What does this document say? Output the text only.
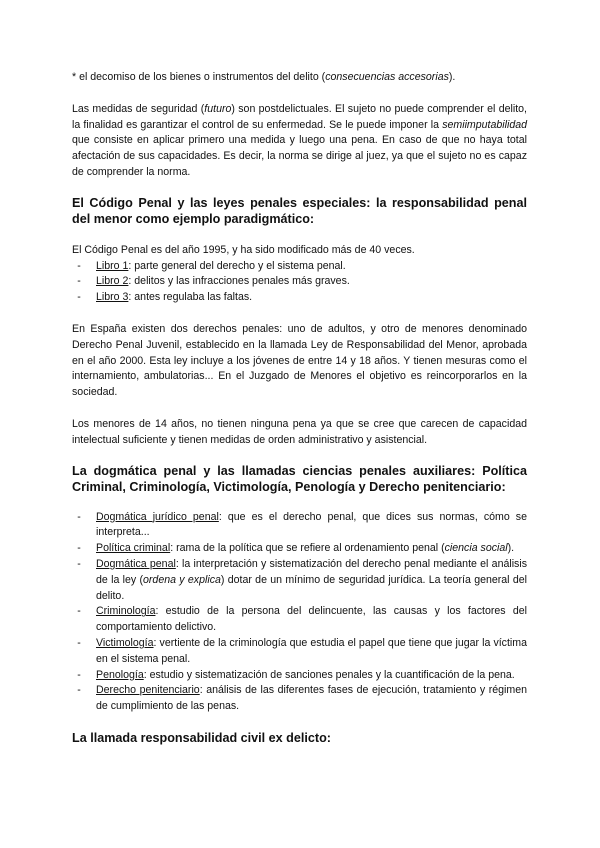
* el decomiso de los bienes o instrumentos del delito (consecuencias accesorias).

Las medidas de seguridad (futuro) son postdelictuales. El sujeto no puede comprender el delito, la finalidad es garantizar el control de su enfermedad. Se le puede imponer la semiimputabilidad que consiste en aplicar primero una medida y luego una pena. En caso de que no haya total afectación de sus capacidades. Es decir, la norma se dirige al juez, ya que el sujeto no es capaz de comprender la norma.

El Código Penal y las leyes penales especiales: la responsabilidad penal del menor como ejemplo paradigmático:

El Código Penal es del año 1995, y ha sido modificado más de 40 veces.

-	Libro 1: parte general del derecho y el sistema penal.
-	Libro 2: delitos y las infracciones penales más graves.
-	Libro 3: antes regulaba las faltas.

En España existen dos derechos penales: uno de adultos, y otro de menores denominado Derecho Penal Juvenil, establecido en la llamada Ley de Responsabilidad del Menor, aprobada en el año 2000. Esta ley incluye a los jóvenes de entre 14 y 18 años. Y tienen mesuras como el internamiento, ambulatorias... En el Juzgado de Menores el objetivo es reincorporarlos en la sociedad.

Los menores de 14 años, no tienen ninguna pena ya que se cree que carecen de capacidad intelectual suficiente y tienen medidas de orden administrativo y asistencial.

La dogmática penal y las llamadas ciencias penales auxiliares: Política Criminal, Criminología, Victimología, Penología y Derecho penitenciario:

-	Dogmática jurídico penal: que es el derecho penal, que dices sus normas, cómo se interpreta...
-	Política criminal: rama de la política que se refiere al ordenamiento penal (ciencia social).
-	Dogmática penal: la interpretación y sistematización del derecho penal mediante el análisis de la ley (ordena y explica) dotar de un mínimo de seguridad jurídica. La teoría general del delito.
-	Criminología: estudio de la persona del delincuente, las causas y los factores del comportamiento delictivo.
-	Victimología: vertiente de la criminología que estudia el papel que tiene que jugar la víctima en el sistema penal.
-	Penología: estudio y sistematización de sanciones penales y la cuantificación de la pena.
-	Derecho penitenciario: análisis de las diferentes fases de ejecución, tratamiento y régimen de cumplimiento de las penas.

La llamada responsabilidad civil ex delicto:
